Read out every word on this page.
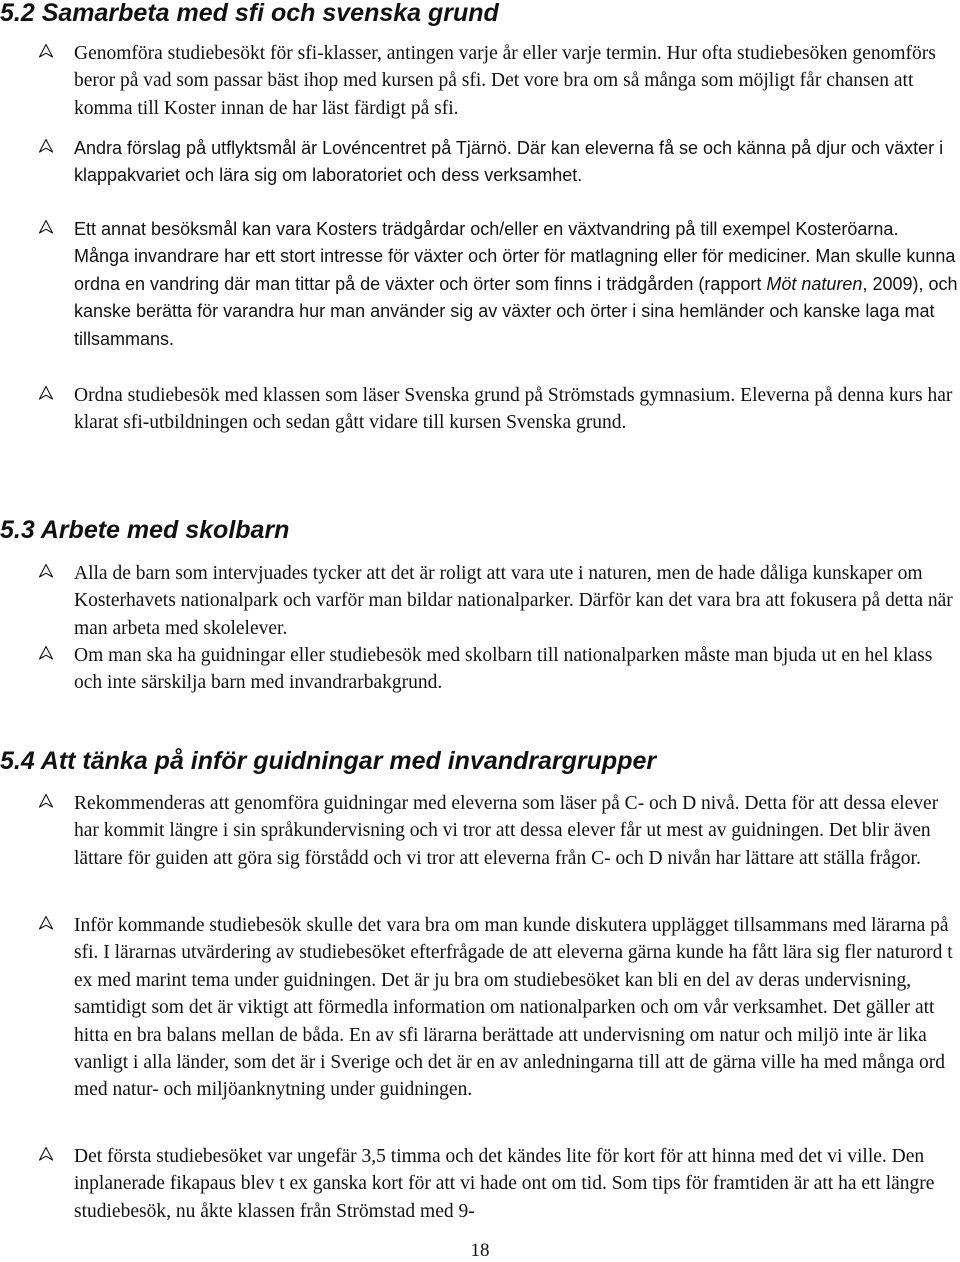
5.2 Samarbeta med sfi och svenska grund
Genomföra studiebesökt för sfi-klasser, antingen varje år eller varje termin. Hur ofta studiebesöken genomförs beror på vad som passar bäst ihop med kursen på sfi. Det vore bra om så många som möjligt får chansen att komma till Koster innan de har läst färdigt på sfi.
Andra förslag på utflyktsmål är Lovéncentret på Tjärnö. Där kan eleverna få se och känna på djur och växter i klappakvariet och lära sig om laboratoriet och dess verksamhet.
Ett annat besöksmål kan vara Kosters trädgårdar och/eller en växtvandring på till exempel Kosteröarna. Många invandrare har ett stort intresse för växter och örter för matlagning eller för mediciner. Man skulle kunna ordna en vandring där man tittar på de växter och örter som finns i trädgården (rapport Möt naturen, 2009), och kanske berätta för varandra hur man använder sig av växter och örter i sina hemländer och kanske laga mat tillsammans.
Ordna studiebesök med klassen som läser Svenska grund på Strömstads gymnasium. Eleverna på denna kurs har klarat sfi-utbildningen och sedan gått vidare till kursen Svenska grund.
5.3 Arbete med skolbarn
Alla de barn som intervjuades tycker att det är roligt att vara ute i naturen, men de hade dåliga kunskaper om Kosterhavets nationalpark och varför man bildar nationalparker. Därför kan det vara bra att fokusera på detta när man arbeta med skolelever.
Om man ska ha guidningar eller studiebesök med skolbarn till nationalparken måste man bjuda ut en hel klass och inte särskilja barn med invandrarbakgrund.
5.4 Att tänka på inför guidningar med invandrargrupper
Rekommenderas att genomföra guidningar med eleverna som läser på C- och D nivå. Detta för att dessa elever har kommit längre i sin språkundervisning och vi tror att dessa elever får ut mest av guidningen. Det blir även lättare för guiden att göra sig förstådd och vi tror att eleverna från C- och D nivån har lättare att ställa frågor.
Inför kommande studiebesök skulle det vara bra om man kunde diskutera upplägget tillsammans med lärarna på sfi. I lärarnas utvärdering av studiebesöket efterfrågade de att eleverna gärna kunde ha fått lära sig fler naturord t ex med marint tema under guidningen. Det är ju bra om studiebesöket kan bli en del av deras undervisning, samtidigt som det är viktigt att förmedla information om nationalparken och om vår verksamhet. Det gäller att hitta en bra balans mellan de båda. En av sfi lärarna berättade att undervisning om natur och miljö inte är lika vanligt i alla länder, som det är i Sverige och det är en av anledningarna till att de gärna ville ha med många ord med natur- och miljöanknytning under guidningen.
Det första studiebesöket var ungefär 3,5 timma och det kändes lite för kort för att hinna med det vi ville. Den inplanerade fikapaus blev t ex ganska kort för att vi hade ont om tid. Som tips för framtiden är att ha ett längre studiebesök, nu åkte klassen från Strömstad med 9-
18
